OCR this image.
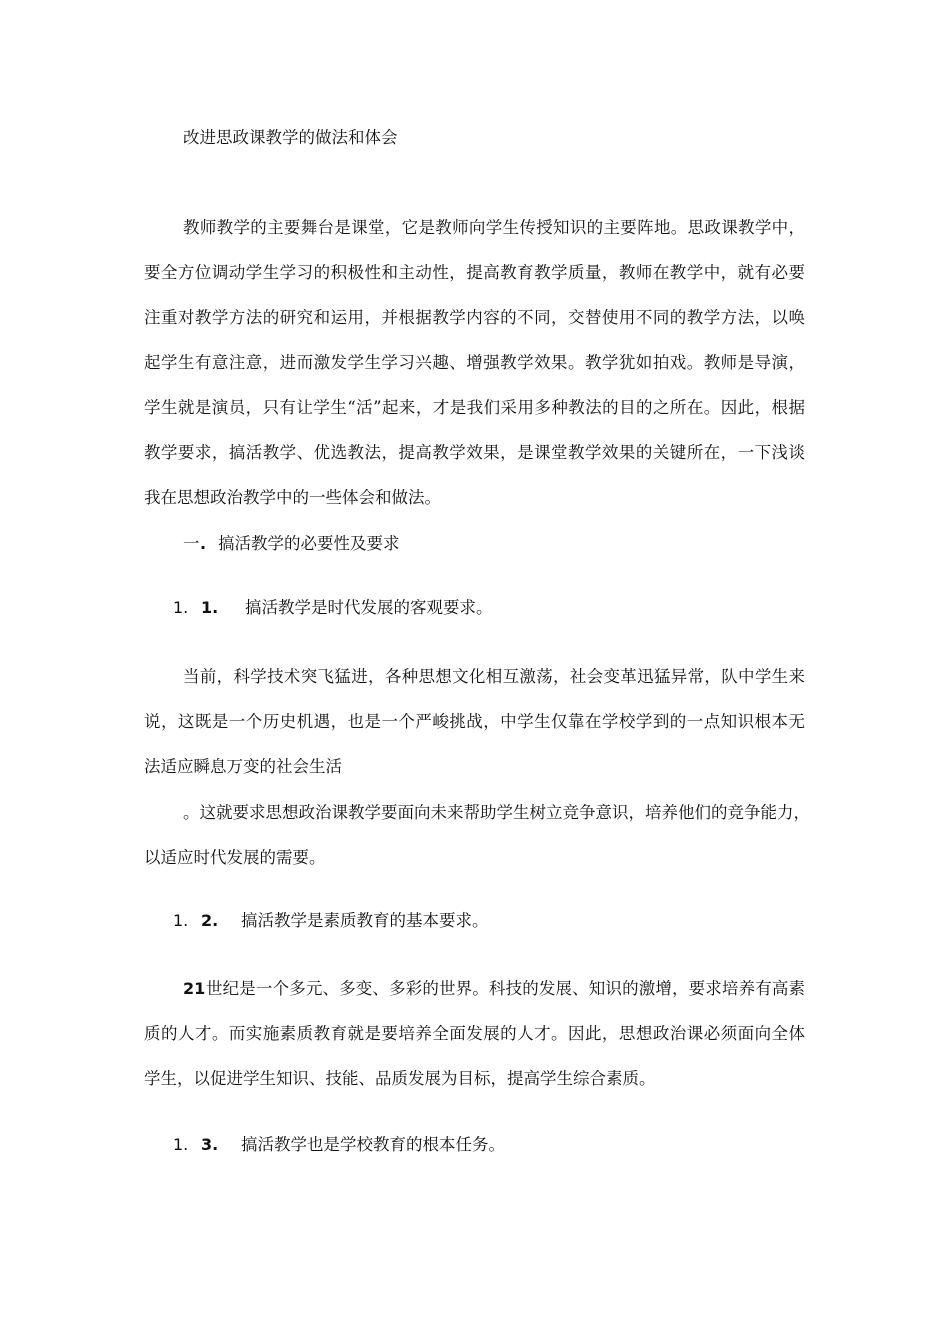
改进思政课教学的做法和体会
教师教学的主要舞台是课堂，它是教师向学生传授知识的主要阵地。思政课教学中，
要全方位调动学生学习的积极性和主动性，提高教育教学质量，教师在教学中，就有必要
注重对教学方法的研究和运用，并根据教学内容的不同，交替使用不同的教学方法，以唤
起学生有意注意，进而激发学生学习兴趣、增强教学效果。教学犹如拍戏。教师是导演，
学生就是演员，只有让学生“活”起来，才是我们采用多种教法的目的之所在。因此，根据
教学要求，搞活教学、优选教法，提高教学效果，是课堂教学效果的关键所在，一下浅谈
我在思想政治教学中的一些体会和做法。
一 . 搞活教学的必要性及要求
1. 1. 搞活教学是时代发展的客观要求。
当前，科学技术突飞猛进，各种思想文化相互激荡，社会变革迅猛异常，队中学生来
说，这既是一个历史机遇，也是一个严峻挑战，中学生仅靠在学校学到的一点知识根本无
法适应瞬息万变的社会生活
。这就要求思想政治课教学要面向未来帮助学生树立竞争意识，培养他们的竞争能力，
以适应时代发展的需要。
1. 2. 搞活教学是素质教育的基本要求。
21 世纪是一个多元、多变、多彩的世界。科技的发展、知识的激增，要求培养有高素
质的人才。而实施素质教育就是要培养全面发展的人才。因此，思想政治课必须面向全体
学生，以促进学生知识、技能、品质发展为目标，提高学生综合素质。
1. 3. 搞活教学也是学校教育的根本任务。
